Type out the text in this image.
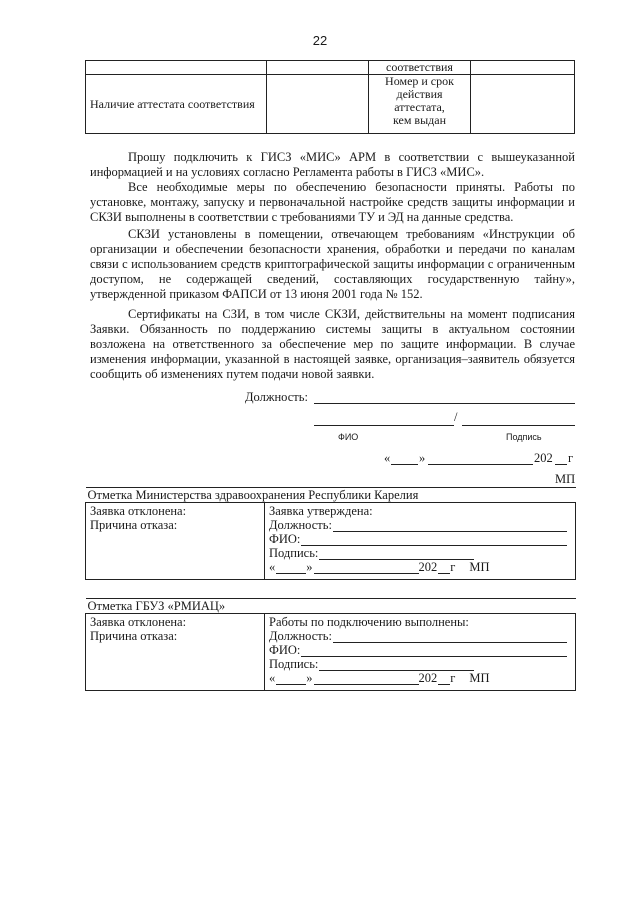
22
		соответствия	
Наличие аттестата соответствия		Номер и срок
действия
аттестата,
кем выдан	

Прошу подключить к ГИСЗ «МИС» АРМ в соответствии с вышеуказанной информацией и на условиях согласно Регламента работы в ГИСЗ «МИС».

Все необходимые меры по обеспечению безопасности приняты. Работы по установке, монтажу, запуску и первоначальной настройке средств защиты информации и СКЗИ выполнены в соответствии с требованиями ТУ и ЭД на данные средства.

СКЗИ установлены в помещении, отвечающем требованиям «Инструкции об организации и обеспечении безопасности хранения, обработки и передачи по каналам связи с использованием средств криптографической защиты информации с ограниченным доступом, не содержащей сведений, составляющих государственную тайну», утвержденной приказом ФАПСИ от 13 июня 2001 года № 152.

Сертификаты на СЗИ, в том числе СКЗИ, действительны на момент подписания Заявки. Обязанность по поддержанию системы защиты в актуальном состоянии возложена на ответственного за обеспечение мер по защите информации. В случае изменения информации, указанной в настоящей заявке, организация–заявитель обязуется сообщить об изменениях путем подачи новой заявки.

Должность:
/
ФИО	Подпись
« »	202 г
МП
Отметка Министерства здравоохранения Республики Карелия

Заявка отклонена:
Причина отказа:

Заявка утверждена:
Должность:
ФИО:
Подпись:
« »	202 г МП
Отметка ГБУЗ «РМИАЦ»

Заявка отклонена:
Причина отказа:

Работы по подключению выполнены:
Должность:
ФИО:
Подпись:
« »	202 г МП
